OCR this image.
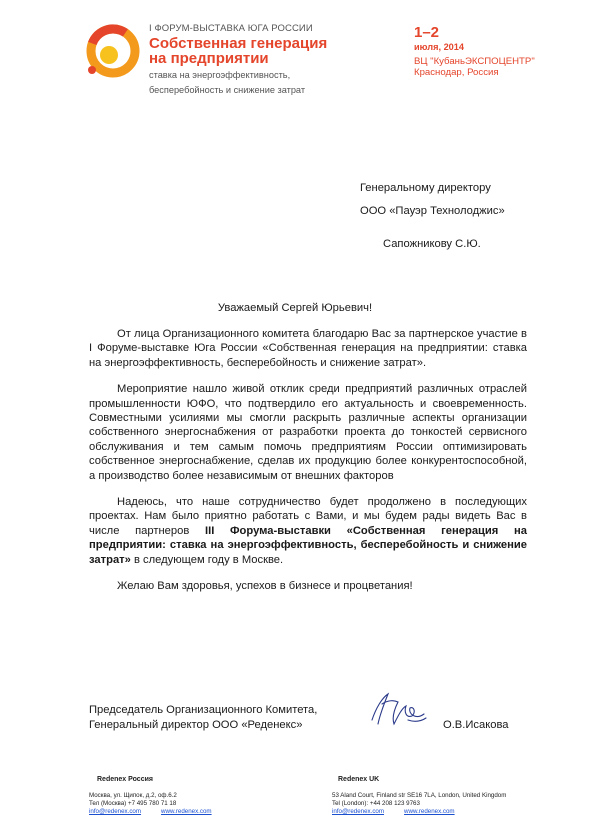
I ФОРУМ-ВЫСТАВКА ЮГА РОССИИ
Собственная генерация
на предприятии
ставка на энергоэффективность,
бесперебойность и снижение затрат
1–2
июля, 2014
ВЦ "КубаньЭКСПОЦЕНТР"
Краснодар, Россия
Генеральному директору
ООО «Пауэр Технолоджис»
Сапожникову С.Ю.
Уважаемый Сергей Юрьевич!

От лица Организационного комитета благодарю Вас за партнерское участие в I Форуме-выставке Юга России «Собственная генерация на предприятии: ставка на энергоэффективность, бесперебойность и снижение затрат».

Мероприятие нашло живой отклик среди предприятий различных отраслей промышленности ЮФО, что подтвердило его актуальность и своевременность. Совместными усилиями мы смогли раскрыть различные аспекты организации собственного энергоснабжения от разработки проекта до тонкостей сервисного обслуживания и тем самым помочь предприятиям России оптимизировать собственное энергоснабжение, сделав их продукцию более конкурентоспособной, а производство более независимым от внешних факторов

Надеюсь, что наше сотрудничество будет продолжено в последующих проектах. Нам было приятно работать с Вами, и мы будем рады видеть Вас в числе партнеров III Форума-выставки «Собственная генерация на предприятии: ставка на энергоэффективность, бесперебойность и снижение затрат» в следующем году в Москве.

Желаю Вам здоровья, успехов в бизнесе и процветания!

Председатель Организационного Комитета,
Генеральный директор ООО «Реденекс»	О.В.Исакова
Redenex Россия
Москва, ул. Щипок, д.2, оф.6.2
Тел (Москва) +7 495 780 71 18
info@redenex.com	www.redenex.com
Redenex UK
53 Aland Court, Finland str SE16 7LA, London, United Kingdom
Tel (London): +44 208 123 9763
info@redenex.com	www.redenex.com
